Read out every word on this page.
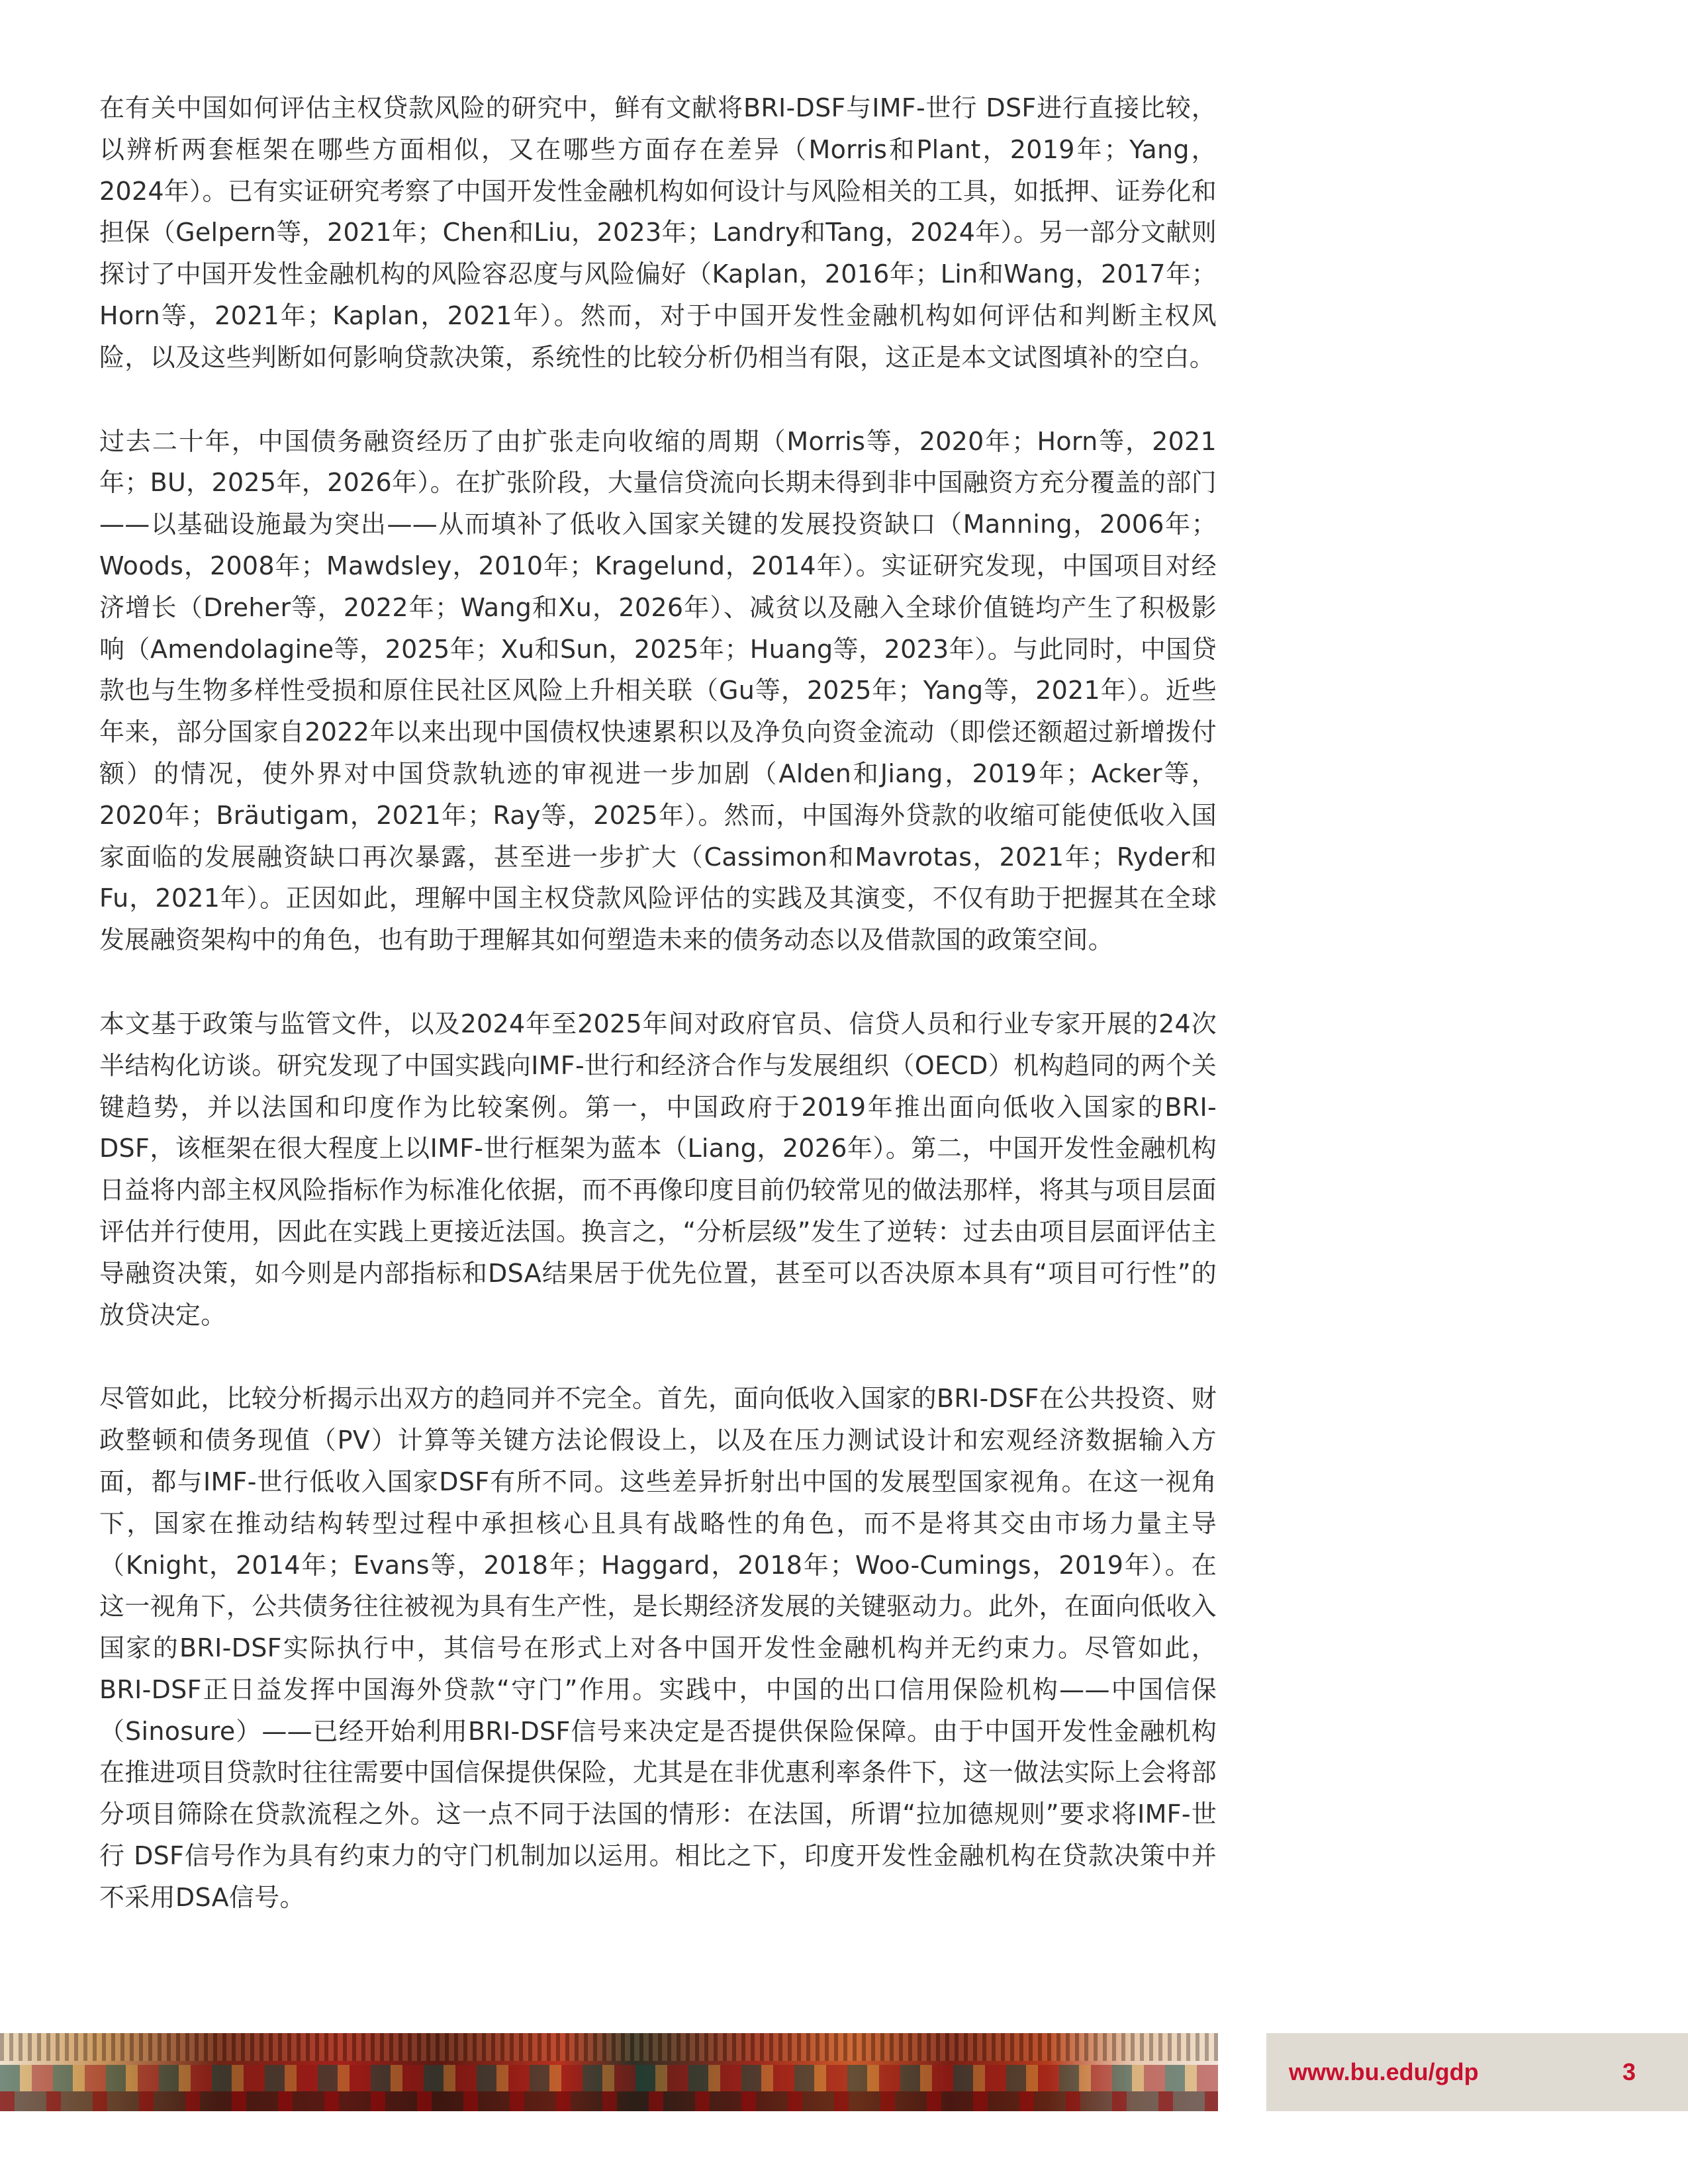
在有关中国如何评估主权贷款风险的研究中，鲜有文献将BRI-DSF与IMF-世行 DSF进行直接比较，以辨析两套框架在哪些方面相似，又在哪些方面存在差异（Morris和Plant，2019年；Yang，2024年）。已有实证研究考察了中国开发性金融机构如何设计与风险相关的工具，如抵押、证券化和担保（Gelpern等，2021年；Chen和Liu，2023年；Landry和Tang，2024年）。另一部分文献则探讨了中国开发性金融机构的风险容忍度与风险偏好（Kaplan，2016年；Lin和Wang，2017年；Horn等，2021年；Kaplan，2021年）。然而，对于中国开发性金融机构如何评估和判断主权风险，以及这些判断如何影响贷款决策，系统性的比较分析仍相当有限，这正是本文试图填补的空白。

过去二十年，中国债务融资经历了由扩张走向收缩的周期（Morris等，2020年；Horn等，2021年；BU，2025年，2026年）。在扩张阶段，大量信贷流向长期未得到非中国融资方充分覆盖的部门——以基础设施最为突出——从而填补了低收入国家关键的发展投资缺口（Manning，2006年；Woods，2008年；Mawdsley，2010年；Kragelund，2014年）。实证研究发现，中国项目对经济增长（Dreher等，2022年；Wang和Xu，2026年）、减贫以及融入全球价值链均产生了积极影响（Amendolagine等，2025年；Xu和Sun，2025年；Huang等，2023年）。与此同时，中国贷款也与生物多样性受损和原住民社区风险上升相关联（Gu等，2025年；Yang等，2021年）。近些年来，部分国家自2022年以来出现中国债权快速累积以及净负向资金流动（即偿还额超过新增拨付额）的情况，使外界对中国贷款轨迹的审视进一步加剧（Alden和Jiang，2019年；Acker等，2020年；Bräutigam，2021年；Ray等，2025年）。然而，中国海外贷款的收缩可能使低收入国家面临的发展融资缺口再次暴露，甚至进一步扩大（Cassimon和Mavrotas，2021年；Ryder和Fu，2021年）。正因如此，理解中国主权贷款风险评估的实践及其演变，不仅有助于把握其在全球发展融资架构中的角色，也有助于理解其如何塑造未来的债务动态以及借款国的政策空间。

本文基于政策与监管文件，以及2024年至2025年间对政府官员、信贷人员和行业专家开展的24次半结构化访谈。研究发现了中国实践向IMF-世行和经济合作与发展组织（OECD）机构趋同的两个关键趋势，并以法国和印度作为比较案例。第一，中国政府于2019年推出面向低收入国家的BRI-DSF，该框架在很大程度上以IMF-世行框架为蓝本（Liang，2026年）。第二，中国开发性金融机构日益将内部主权风险指标作为标准化依据，而不再像印度目前仍较常见的做法那样，将其与项目层面评估并行使用，因此在实践上更接近法国。换言之，“分析层级”发生了逆转：过去由项目层面评估主导融资决策，如今则是内部指标和DSA结果居于优先位置，甚至可以否决原本具有“项目可行性”的放贷决定。

尽管如此，比较分析揭示出双方的趋同并不完全。首先，面向低收入国家的BRI-DSF在公共投资、财政整顿和债务现值（PV）计算等关键方法论假设上，以及在压力测试设计和宏观经济数据输入方面，都与IMF-世行低收入国家DSF有所不同。这些差异折射出中国的发展型国家视角。在这一视角下，国家在推动结构转型过程中承担核心且具有战略性的角色，而不是将其交由市场力量主导（Knight，2014年；Evans等，2018年；Haggard，2018年；Woo-Cumings，2019年）。在这一视角下，公共债务往往被视为具有生产性，是长期经济发展的关键驱动力。此外，在面向低收入国家的BRI-DSF实际执行中，其信号在形式上对各中国开发性金融机构并无约束力。尽管如此，BRI-DSF正日益发挥中国海外贷款“守门”作用。实践中，中国的出口信用保险机构——中国信保（Sinosure）——已经开始利用BRI-DSF信号来决定是否提供保险保障。由于中国开发性金融机构在推进项目贷款时往往需要中国信保提供保险，尤其是在非优惠利率条件下，这一做法实际上会将部分项目筛除在贷款流程之外。这一点不同于法国的情形：在法国，所谓“拉加德规则”要求将IMF-世行 DSF信号作为具有约束力的守门机制加以运用。相比之下，印度开发性金融机构在贷款决策中并不采用DSA信号。

www.bu.edu/gdp	3
